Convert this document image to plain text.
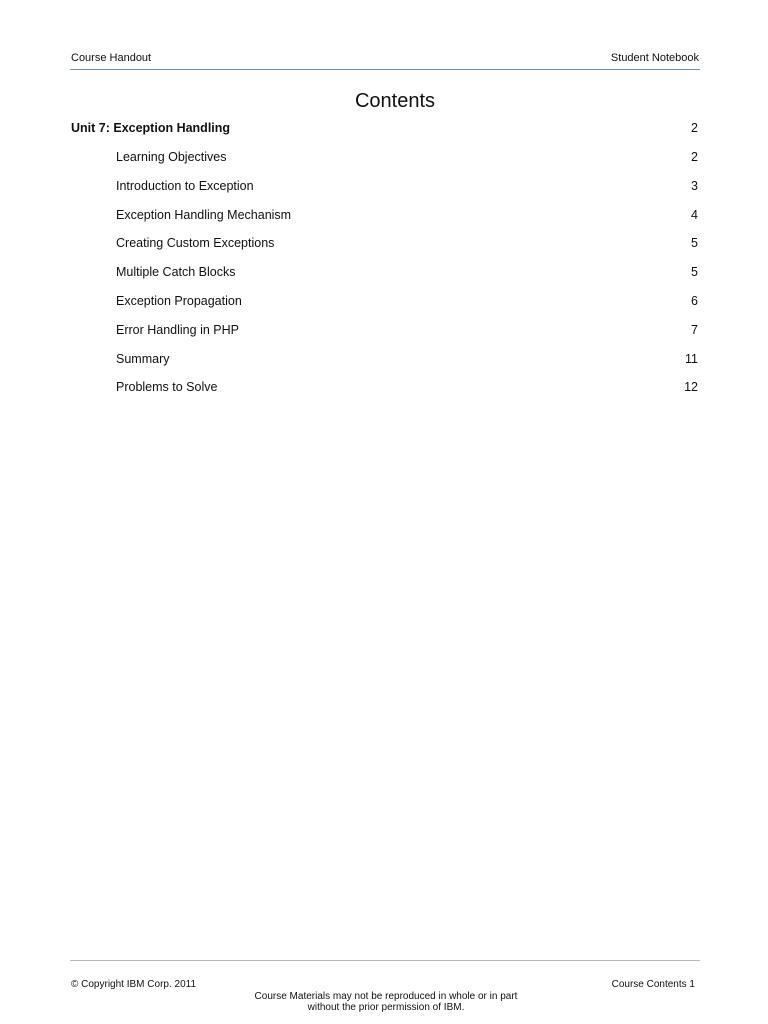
Course Handout	Student Notebook
Contents
Unit 7: Exception Handling	2
Learning Objectives	2
Introduction to Exception	3
Exception Handling Mechanism	4
Creating Custom Exceptions	5
Multiple Catch Blocks	5
Exception Propagation	6
Error Handling in PHP	7
Summary	11
Problems to Solve	12
© Copyright IBM Corp. 2011	Course Contents 1
Course Materials may not be reproduced in whole or in part
without the prior permission of IBM.
